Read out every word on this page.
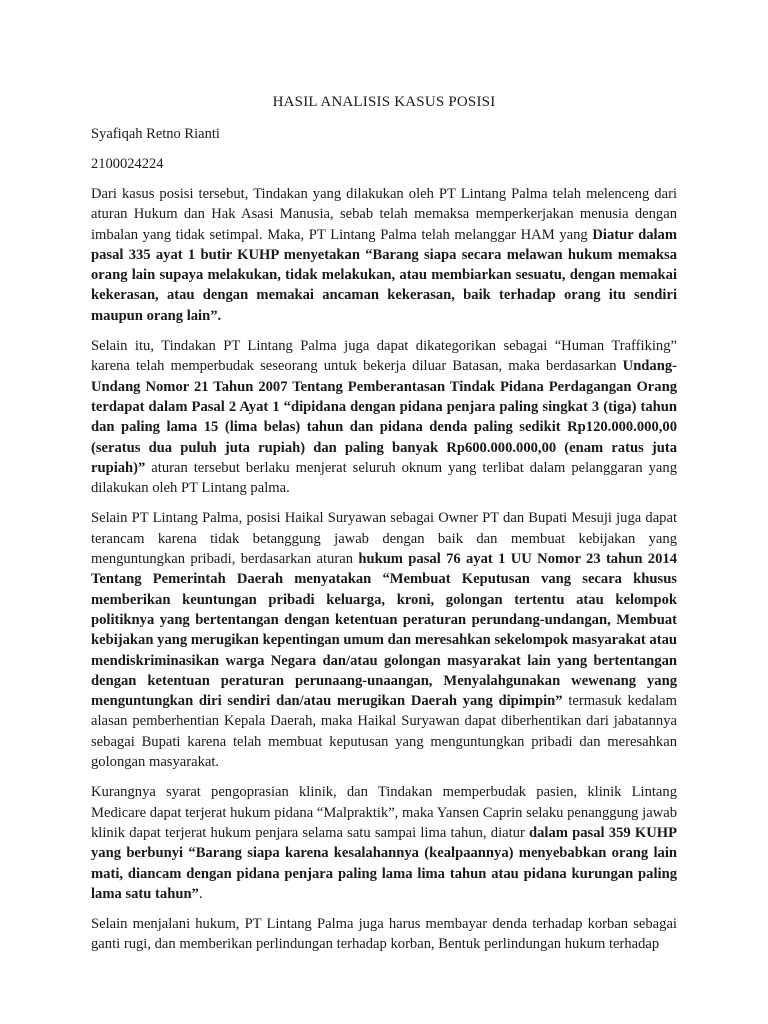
HASIL ANALISIS KASUS POSISI
Syafiqah Retno Rianti
2100024224

Dari kasus posisi tersebut, Tindakan yang dilakukan oleh PT Lintang Palma telah melenceng dari aturan Hukum dan Hak Asasi Manusia, sebab telah memaksa memperkerjakan menusia dengan imbalan yang tidak setimpal. Maka, PT Lintang Palma telah melanggar HAM yang Diatur dalam pasal 335 ayat 1 butir KUHP menyetakan “Barang siapa secara melawan hukum memaksa orang lain supaya melakukan, tidak melakukan, atau membiarkan sesuatu, dengan memakai kekerasan, atau dengan memakai ancaman kekerasan, baik terhadap orang itu sendiri maupun orang lain”.

Selain itu, Tindakan PT Lintang Palma juga dapat dikategorikan sebagai “Human Traffiking” karena telah memperbudak seseorang untuk bekerja diluar Batasan, maka berdasarkan Undang-Undang Nomor 21 Tahun 2007 Tentang Pemberantasan Tindak Pidana Perdagangan Orang terdapat dalam Pasal 2 Ayat 1 “dipidana dengan pidana penjara paling singkat 3 (tiga) tahun dan paling lama 15 (lima belas) tahun dan pidana denda paling sedikit Rp120.000.000,00 (seratus dua puluh juta rupiah) dan paling banyak Rp600.000.000,00 (enam ratus juta rupiah)” aturan tersebut berlaku menjerat seluruh oknum yang terlibat dalam pelanggaran yang dilakukan oleh PT Lintang palma.

Selain PT Lintang Palma, posisi Haikal Suryawan sebagai Owner PT dan Bupati Mesuji juga dapat terancam karena tidak betanggung jawab dengan baik dan membuat kebijakan yang menguntungkan pribadi, berdasarkan aturan hukum pasal 76 ayat 1 UU Nomor 23 tahun 2014 Tentang Pemerintah Daerah menyatakan “Membuat Keputusan vang secara khusus memberikan keuntungan pribadi keluarga, kroni, golongan tertentu atau kelompok politiknya yang bertentangan dengan ketentuan peraturan perundang-undangan, Membuat kebijakan yang merugikan kepentingan umum dan meresahkan sekelompok masyarakat atau mendiskriminasikan warga Negara dan/atau golongan masyarakat lain yang bertentangan dengan ketentuan peraturan perunaang-unaangan, Menyalahgunakan wewenang yang menguntungkan diri sendiri dan/atau merugikan Daerah yang dipimpin” termasuk kedalam alasan pemberhentian Kepala Daerah, maka Haikal Suryawan dapat diberhentikan dari jabatannya sebagai Bupati karena telah membuat keputusan yang menguntungkan pribadi dan meresahkan golongan masyarakat.

Kurangnya syarat pengoprasian klinik, dan Tindakan memperbudak pasien, klinik Lintang Medicare dapat terjerat hukum pidana “Malpraktik”, maka Yansen Caprin selaku penanggung jawab klinik dapat terjerat hukum penjara selama satu sampai lima tahun, diatur dalam pasal 359 KUHP yang berbunyi “Barang siapa karena kesalahannya (kealpaannya) menyebabkan orang lain mati, diancam dengan pidana penjara paling lama lima tahun atau pidana kurungan paling lama satu tahun”.

Selain menjalani hukum, PT Lintang Palma juga harus membayar denda terhadap korban sebagai ganti rugi, dan memberikan perlindungan terhadap korban, Bentuk perlindungan hukum terhadap
